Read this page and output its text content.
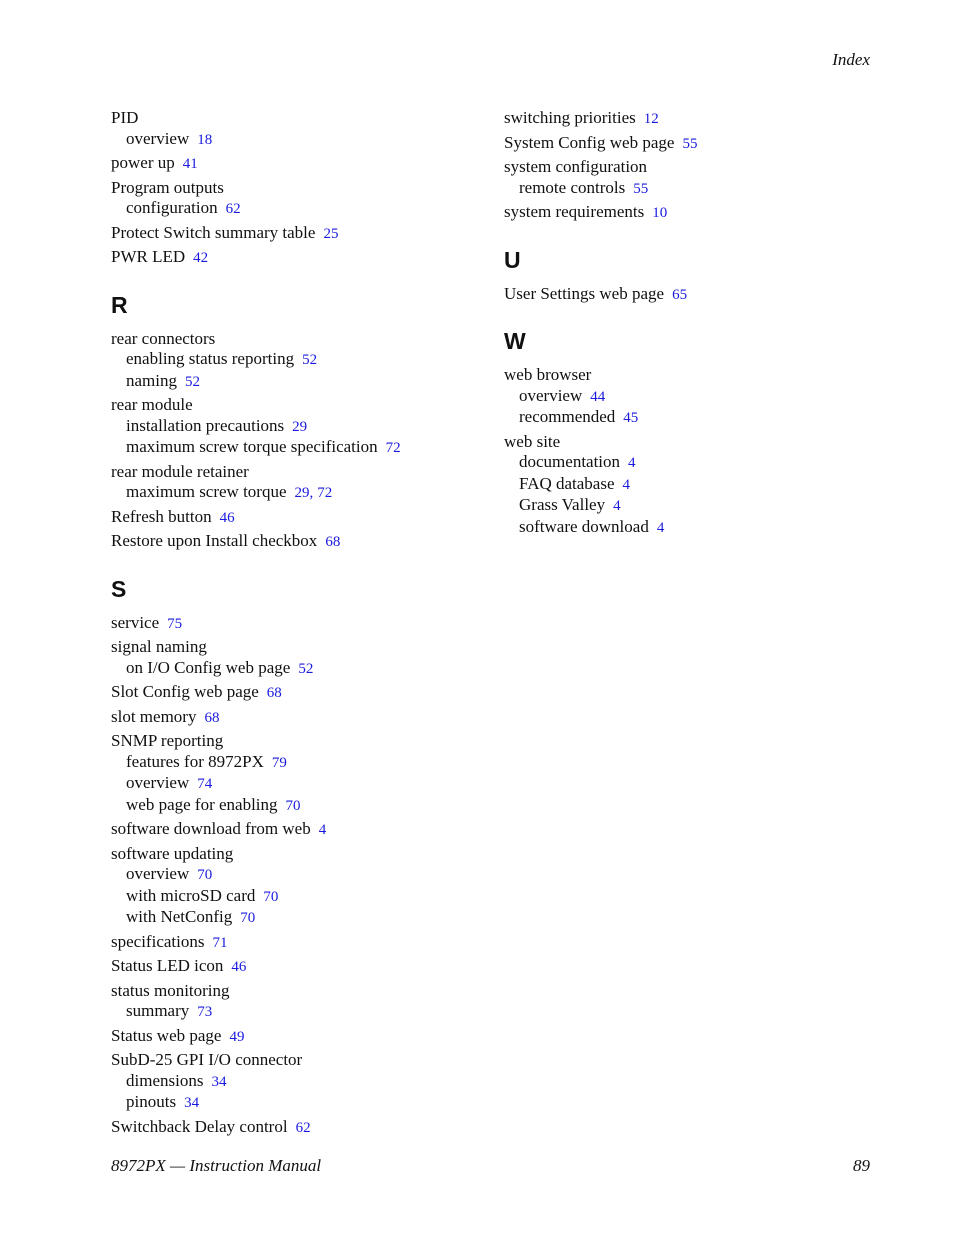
Index
PID
overview 18
power up 41
Program outputs
configuration 62
Protect Switch summary table 25
PWR LED 42
R
rear connectors
enabling status reporting 52
naming 52
rear module
installation precautions 29
maximum screw torque specification 72
rear module retainer
maximum screw torque 29, 72
Refresh button 46
Restore upon Install checkbox 68
S
service 75
signal naming
on I/O Config web page 52
Slot Config web page 68
slot memory 68
SNMP reporting
features for 8972PX 79
overview 74
web page for enabling 70
software download from web 4
software updating
overview 70
with microSD card 70
with NetConfig 70
specifications 71
Status LED icon 46
status monitoring
summary 73
Status web page 49
SubD-25 GPI I/O connector
dimensions 34
pinouts 34
Switchback Delay control 62
switching priorities 12
System Config web page 55
system configuration
remote controls 55
system requirements 10
U
User Settings web page 65
W
web browser
overview 44
recommended 45
web site
documentation 4
FAQ database 4
Grass Valley 4
software download 4
8972PX — Instruction Manual	89
